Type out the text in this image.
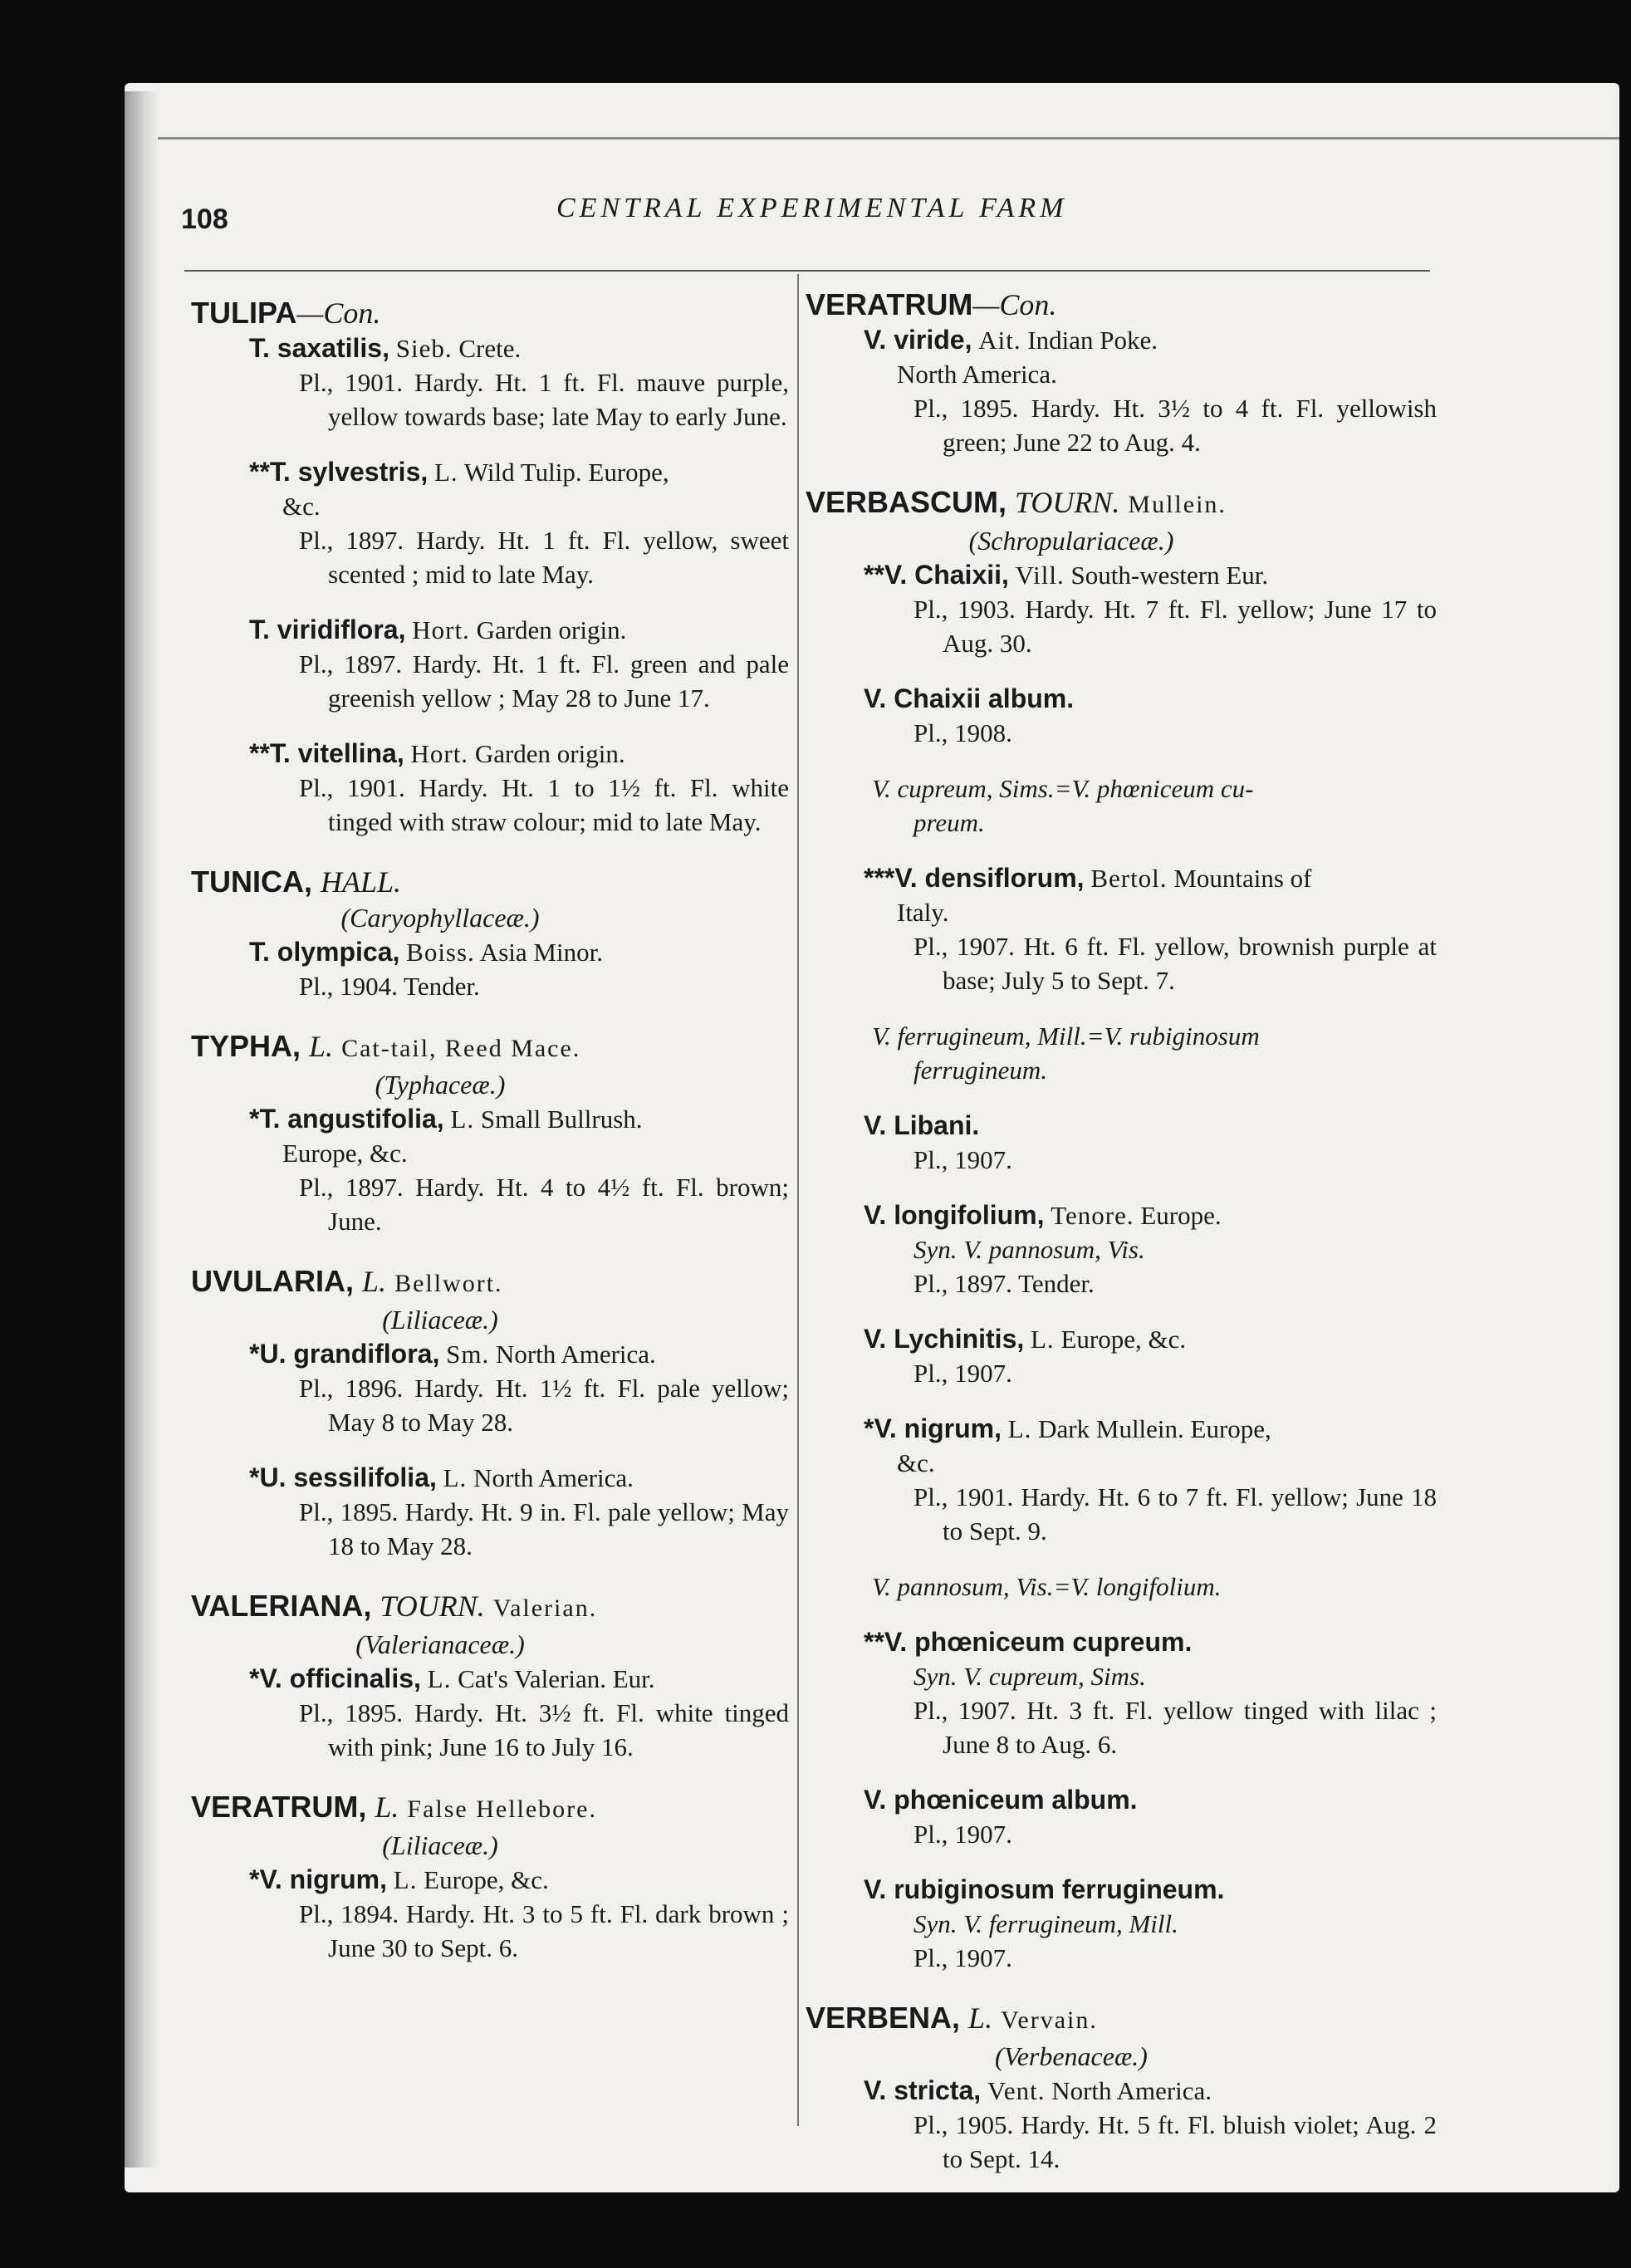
108	CENTRAL EXPERIMENTAL FARM
TULIPA—Con.
T. saxatilis, Sieb. Crete.
Pl., 1901. Hardy. Ht. 1 ft. Fl. mauve purple, yellow towards base; late May to early June.
**T. sylvestris, L. Wild Tulip. Europe,
&c.
Pl., 1897. Hardy. Ht. 1 ft. Fl. yellow, sweet scented ; mid to late May.
T. viridiflora, Hort. Garden origin.
Pl., 1897. Hardy. Ht. 1 ft. Fl. green and pale greenish yellow ; May 28 to June 17.
**T. vitellina, Hort. Garden origin.
Pl., 1901. Hardy. Ht. 1 to 1½ ft. Fl. white tinged with straw colour; mid to late May.
TUNICA, HALL.
(Caryophyllaceæ.)
T. olympica, Boiss. Asia Minor.
Pl., 1904. Tender.
TYPHA, L. Cat-tail, Reed Mace.
(Typhaceæ.)
*T. angustifolia, L. Small Bullrush.
Europe, &c.
Pl., 1897. Hardy. Ht. 4 to 4½ ft. Fl. brown; June.
UVULARIA, L. Bellwort.
(Liliaceæ.)
*U. grandiflora, Sm. North America.
Pl., 1896. Hardy. Ht. 1½ ft. Fl. pale yellow; May 8 to May 28.
*U. sessilifolia, L. North America.
Pl., 1895. Hardy. Ht. 9 in. Fl. pale yellow; May 18 to May 28.
VALERIANA, TOURN. Valerian.
(Valerianaceæ.)
*V. officinalis, L. Cat's Valerian. Eur.
Pl., 1895. Hardy. Ht. 3½ ft. Fl. white tinged with pink; June 16 to July 16.
VERATRUM, L. False Hellebore.
(Liliaceæ.)
*V. nigrum, L. Europe, &c.
Pl., 1894. Hardy. Ht. 3 to 5 ft. Fl. dark brown ; June 30 to Sept. 6.
VERATRUM—Con.
V. viride, Ait. Indian Poke.
North America.
Pl., 1895. Hardy. Ht. 3½ to 4 ft. Fl. yellowish green; June 22 to Aug. 4.
VERBASCUM, TOURN. Mullein.
(Schropulariaceæ.)
**V. Chaixii, Vill. South-western Eur.
Pl., 1903. Hardy. Ht. 7 ft. Fl. yellow; June 17 to Aug. 30.
V. Chaixii album.
Pl., 1908.
V. cupreum, Sims.=V. phœniceum cu-
preum.
***V. densiflorum, Bertol. Mountains of
Italy.
Pl., 1907. Ht. 6 ft. Fl. yellow, brownish purple at base; July 5 to Sept. 7.
V. ferrugineum, Mill.=V. rubiginosum
ferrugineum.
V. Libani.
Pl., 1907.
V. longifolium, Tenore. Europe.
Syn. V. pannosum, Vis.
Pl., 1897. Tender.
V. Lychinitis, L. Europe, &c.
Pl., 1907.
*V. nigrum, L. Dark Mullein. Europe,
&c.
Pl., 1901. Hardy. Ht. 6 to 7 ft. Fl. yellow; June 18 to Sept. 9.
V. pannosum, Vis.=V. longifolium.
**V. phœniceum cupreum.
Syn. V. cupreum, Sims.
Pl., 1907. Ht. 3 ft. Fl. yellow tinged with lilac ; June 8 to Aug. 6.
V. phœniceum album.
Pl., 1907.
V. rubiginosum ferrugineum.
Syn. V. ferrugineum, Mill.
Pl., 1907.
VERBENA, L. Vervain.
(Verbenaceæ.)
V. stricta, Vent. North America.
Pl., 1905. Hardy. Ht. 5 ft. Fl. bluish violet; Aug. 2 to Sept. 14.
